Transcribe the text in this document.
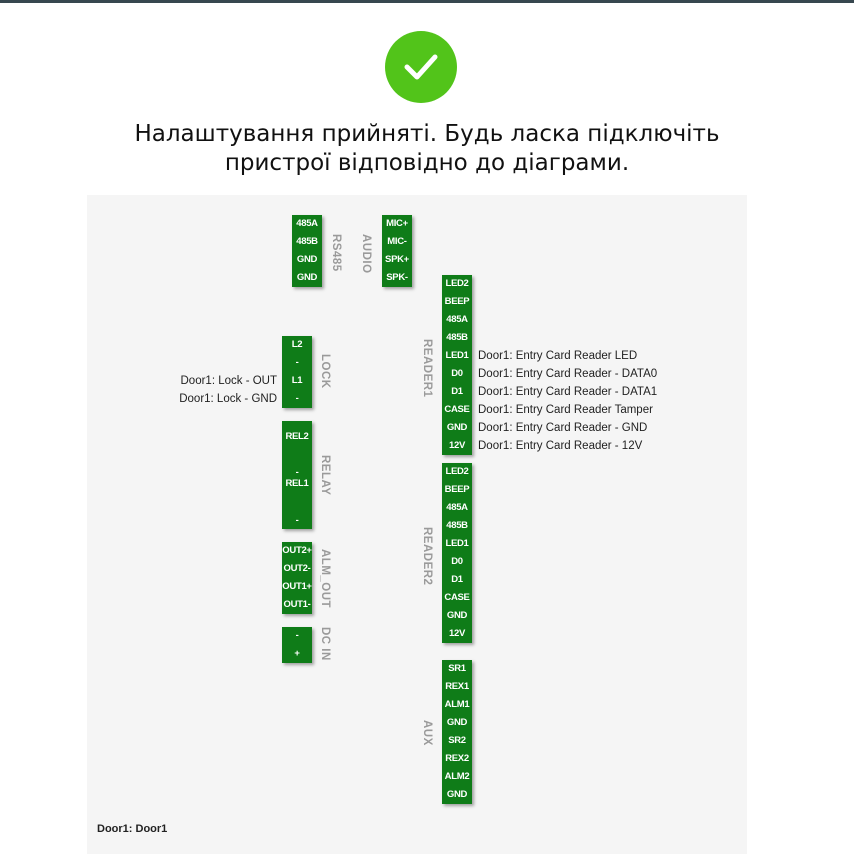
Налаштування прийняті. Будь ласка підключіть
пристрої відповідно до діаграми.
485A
485B
GND
GND
RS485
MIC+
MIC-
SPK+
SPK-
AUDIO
L2
-
L1
-
LOCK
Door1: Lock - OUT
Door1: Lock - GND
REL2
-
REL1
-
RELAY
OUT2+
OUT2-
OUT1+
OUT1- ALM_OUT
-
+	DC IN
LED2
BEEP
485A
485B
LED1
D0
D1
CASE
GND
12V
READER1	Door1: Entry Card Reader LED
Door1: Entry Card Reader - DATA0
Door1: Entry Card Reader - DATA1
Door1: Entry Card Reader Tamper
Door1: Entry Card Reader - GND
Door1: Entry Card Reader - 12V
LED2
BEEP
485A
485B
LED1
D0
D1
CASE
GND
12V
READER2
SR1
REX1
ALM1
GND
SR2
REX2
ALM2
GND
AUX
Door1: Door1
